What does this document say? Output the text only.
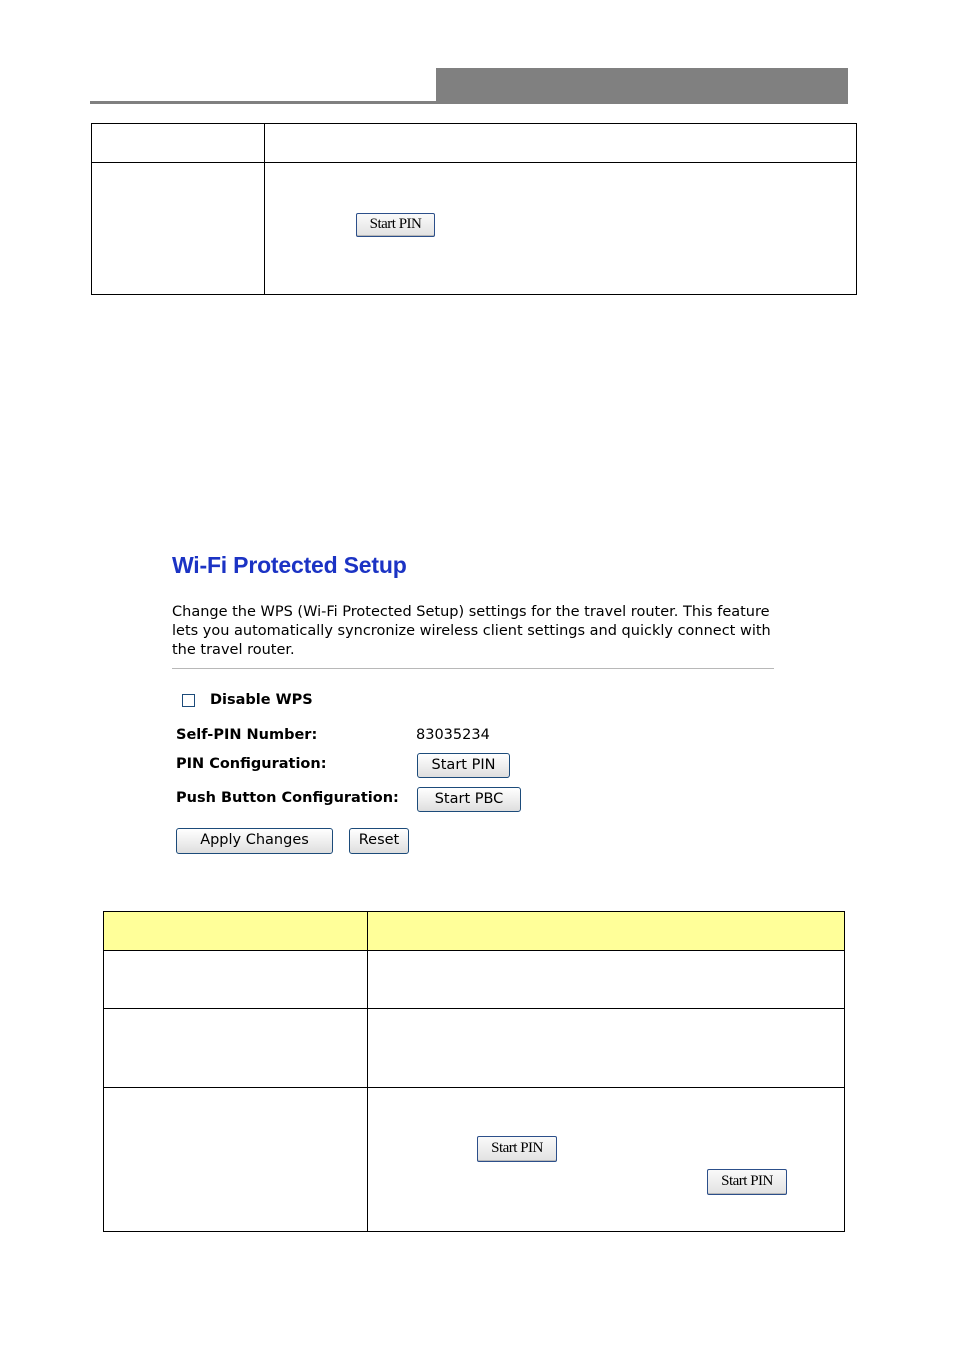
	Start PIN
Wi-Fi Protected Setup
Change the WPS (Wi-Fi Protected Setup) settings for the travel router. This feature lets you automatically syncronize wireless client settings and quickly connect with the travel router.
Disable WPS
Self-PIN Number:	83035234
PIN Configuration:	Start PIN
Push Button Configuration:	Start PBC
Apply Changes	Reset

	Start PIN
Start PIN
